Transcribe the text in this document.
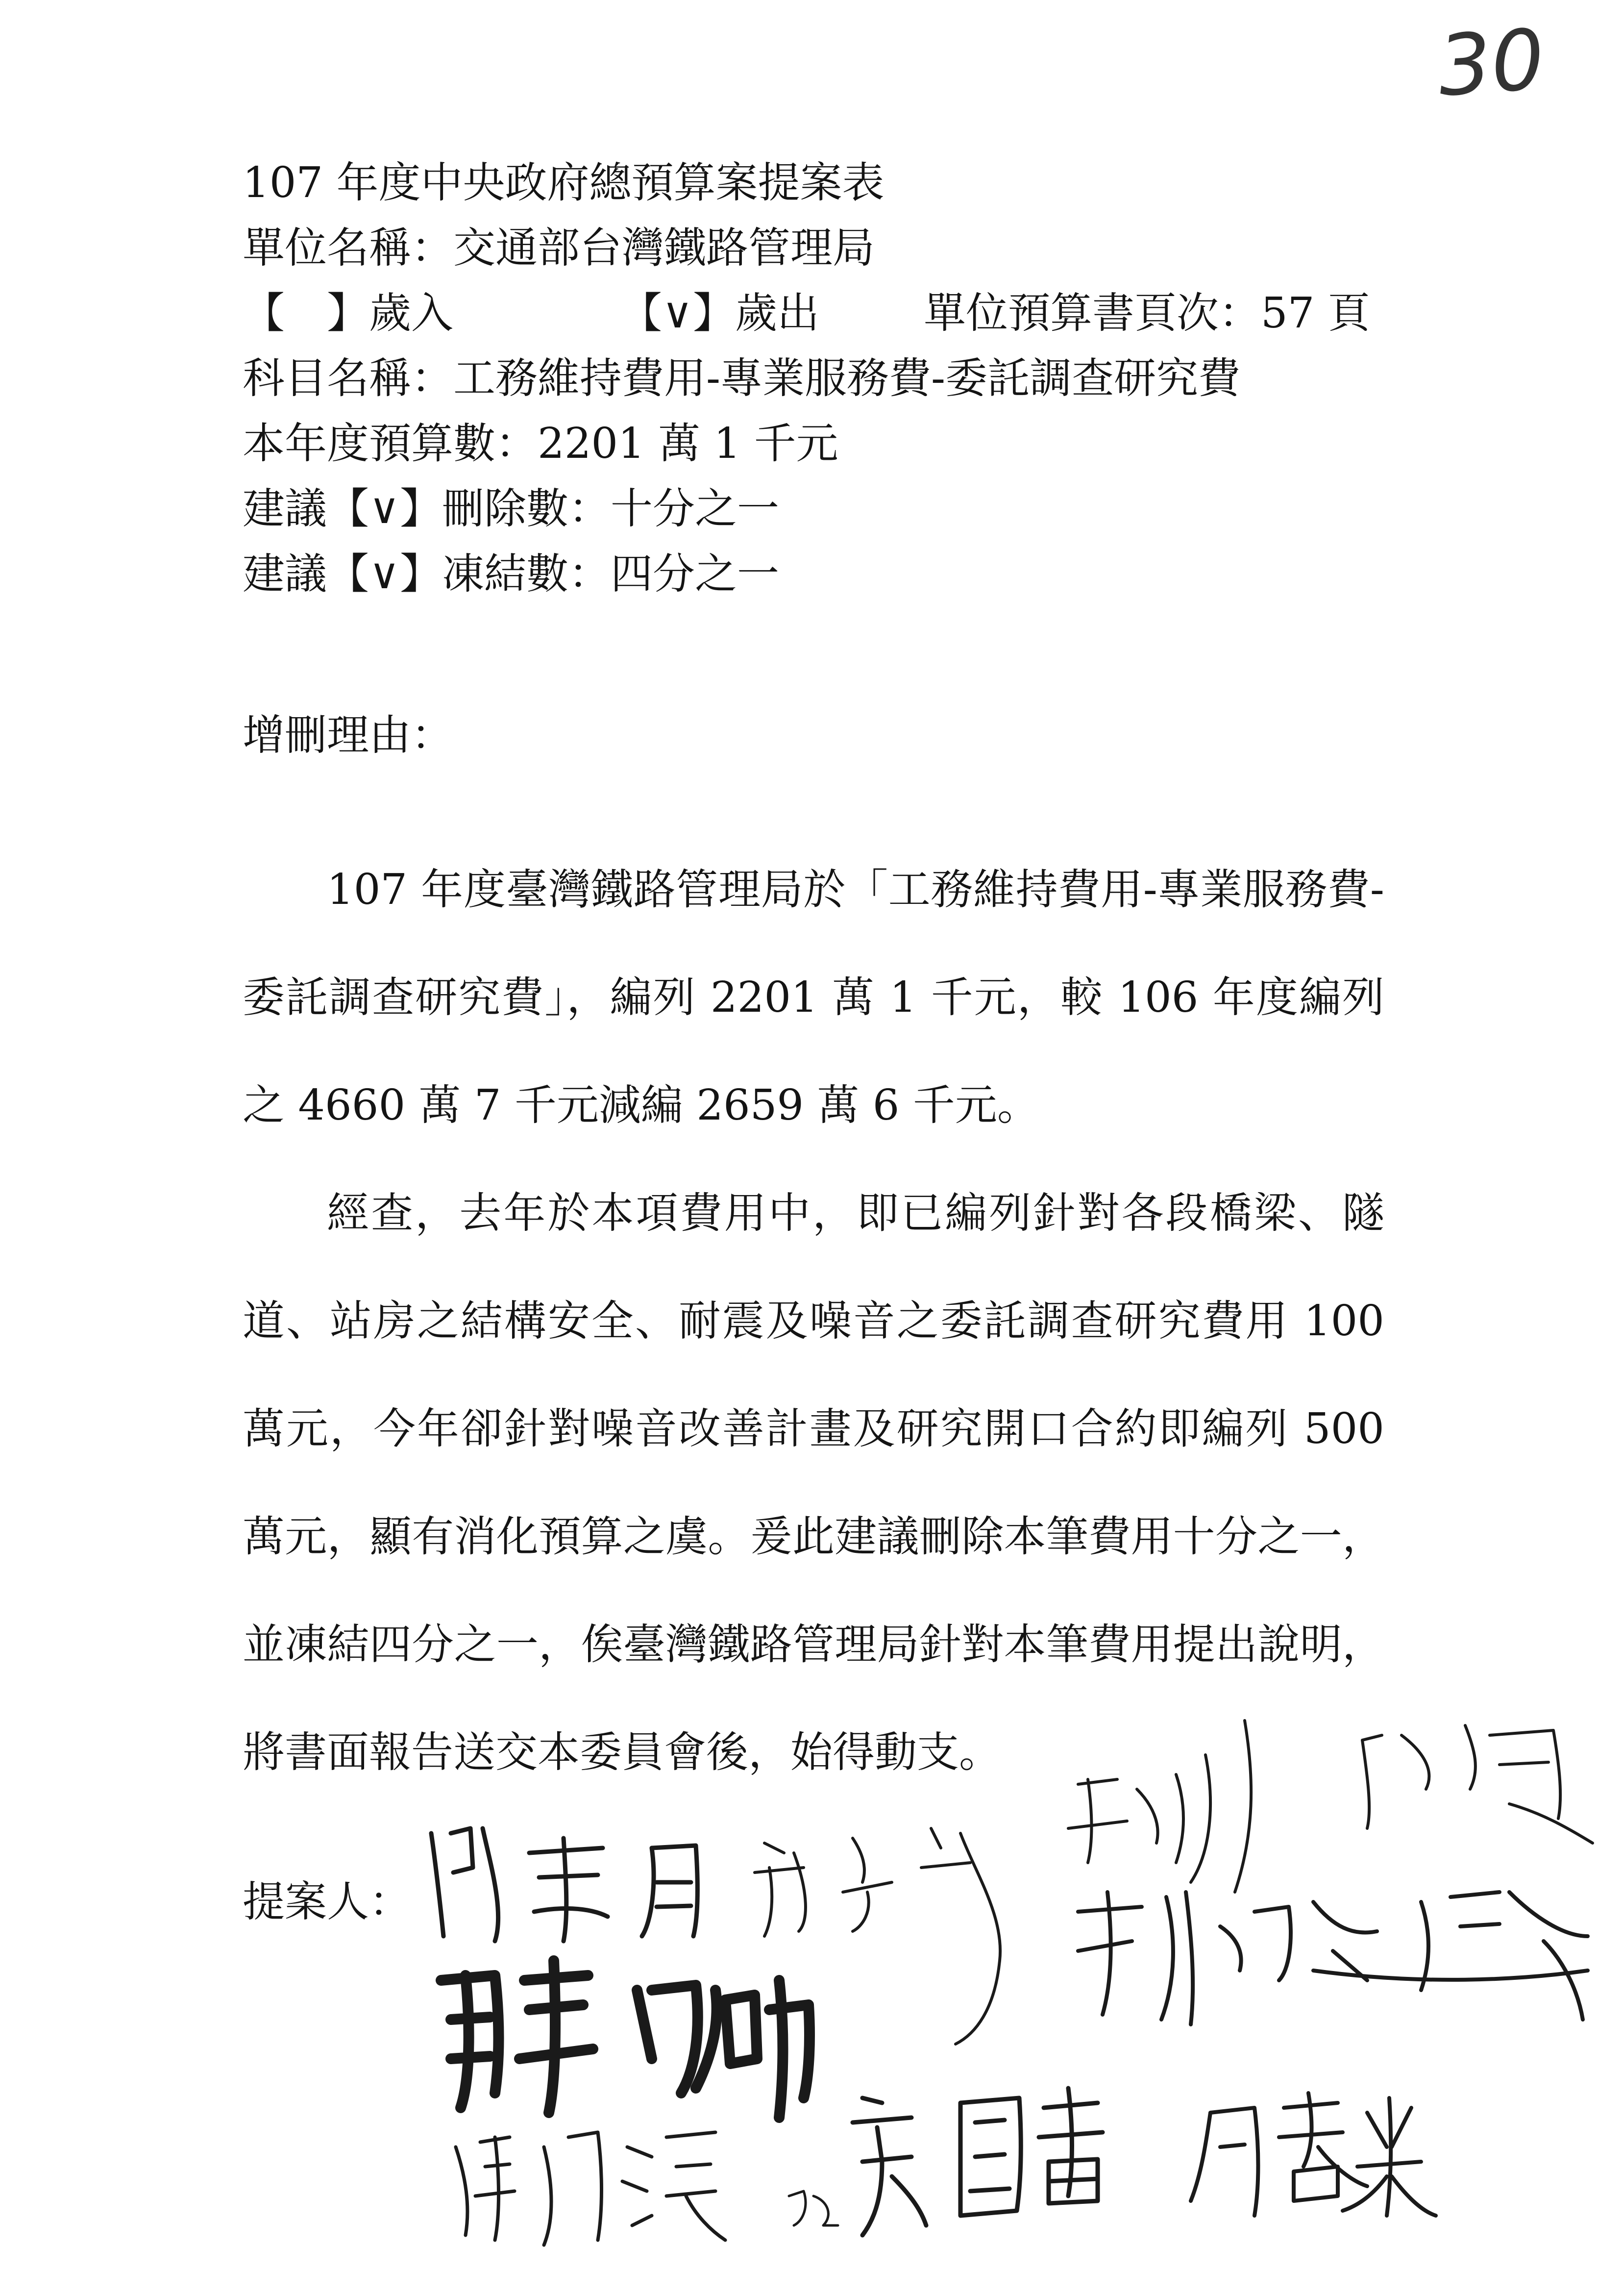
30
107 年度中央政府總預算案提案表
單位名稱：交通部台灣鐵路管理局
【　】歲入	【∨】歲出 單位預算書頁次：57 頁
科目名稱：工務維持費用-專業服務費-委託調查研究費
本年度預算數：2201 萬 1 千元
建議【∨】刪除數：十分之一
建議【∨】凍結數：四分之一
增刪理由：

107 年度臺灣鐵路管理局於「工務維持費用-專業服務費-委託調查研究費」，編列 2201 萬 1 千元，較 106 年度編列之 4660 萬 7 千元減編 2659 萬 6 千元。

經查，去年於本項費用中，即已編列針對各段橋梁、隧道、站房之結構安全、耐震及噪音之委託調查研究費用 100 萬元，今年卻針對噪音改善計畫及研究開口合約即編列 500 萬元，顯有消化預算之虞。爰此建議刪除本筆費用十分之一，並凍結四分之一，俟臺灣鐵路管理局針對本筆費用提出說明，將書面報告送交本委員會後，始得動支。

提案人：
